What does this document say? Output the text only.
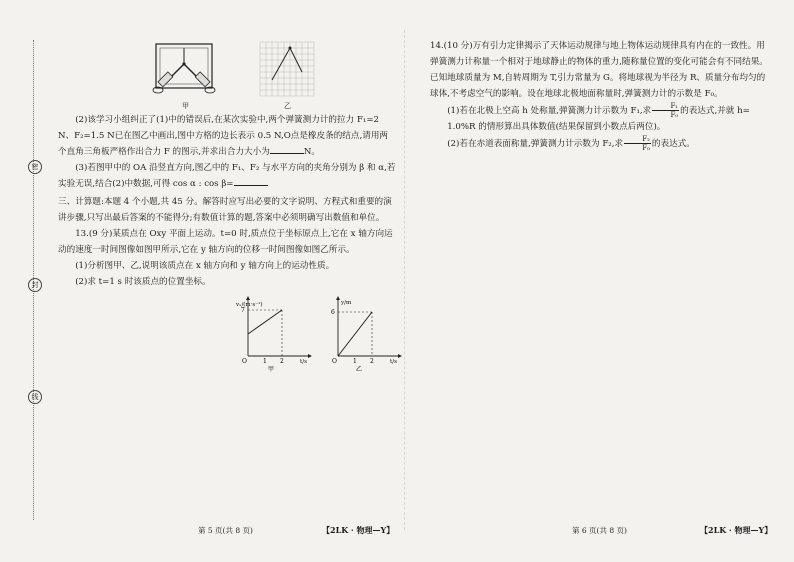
密
封
线
甲	乙

(2)该学习小组纠正了(1)中的错误后,在某次实验中,两个弹簧测力计的拉力 F₁=2 N、F₂=1.5 N已在图乙中画出,图中方格的边长表示 0.5 N,O点是橡皮条的结点,请用两个直角三角板严格作出合力 F 的图示,并求出合力大小为	N。

(3)若图甲中的 OA 沿竖直方向,图乙中的 F₁、F₂ 与水平方向的夹角分别为 β 和 α,若实验无误,结合(2)中数据,可得 cos α : cos β=

三、计算题:本题 4 个小题,共 45 分。解答时应写出必要的文字说明、方程式和重要的演讲步骤,只写出最后答案的不能得分;有数值计算的题,答案中必须明确写出数值和单位。

13.(9 分)某质点在 Oxy 平面上运动。t=0 时,质点位于坐标原点上,它在 x 轴方向运动的速度一时间图像如图甲所示,它在 y 轴方向的位移一时间图像如图乙所示。

(1)分析图甲、乙,说明该质点在 x 轴方向和 y 轴方向上的运动性质。

(2)求 t=1 s 时该质点的位置坐标。

vₓ/(m·s⁻¹)
7
O	1 2	t/s
甲
y/m
6
O	1 2	t/s
乙

14.(10 分)万有引力定律揭示了天体运动规律与地上物体运动规律具有内在的一致性。用弹簧测力计称量一个相对于地球静止的物体的重力,随称量位置的变化可能会有不同结果。已知地球质量为 M,自转周期为 T,引力常量为 G。将地球视为半径为 R、质量分布均匀的球体,不考虑空气的影响。设在地球北极地面称量时,弹簧测力计的示数是 F₀。

(1)若在北极上空高 h 处称量,弹簧测力计示数为 F₁,求 $\frac{\text{F₁}}{\text{F₀}}$ 的表达式,并就 h=

1.0%R 的情形算出具体数值(结果保留到小数点后两位)。

(2)若在赤道表面称量,弹簧测力计示数为 F₂,求 $\frac{\text{F₂}}{\text{F₀}}$ 的表达式。

第 5 页(共 8 页)	【2LK · 物理—Y】	第 6 页(共 8 页)	【2LK · 物理—Y】
